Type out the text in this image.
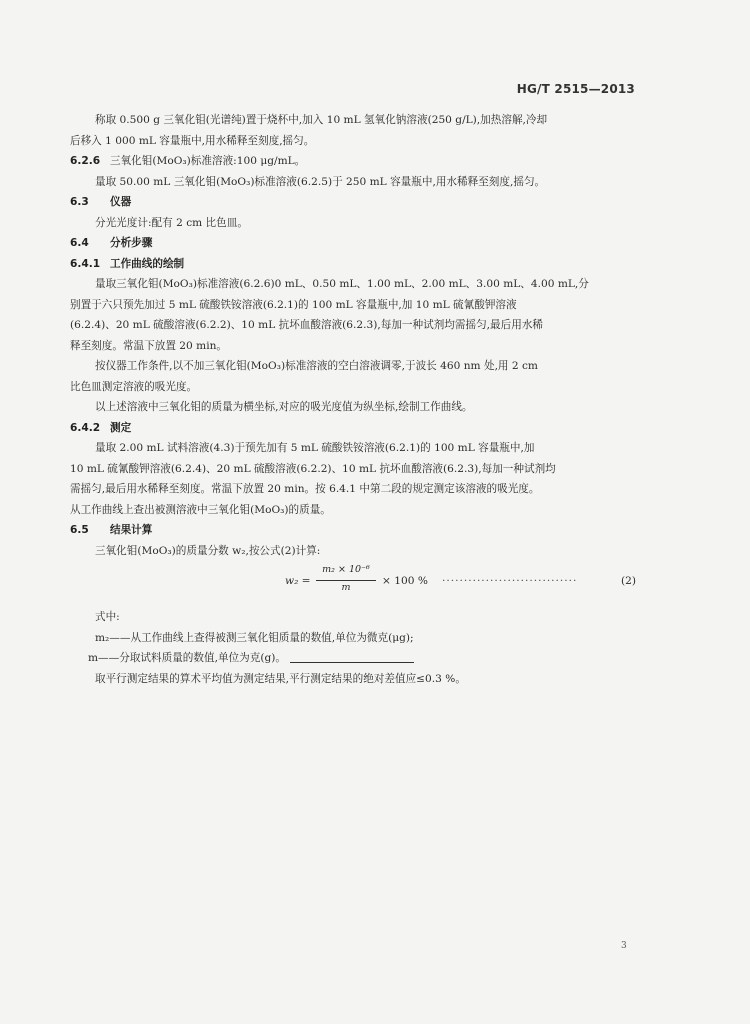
HG/T 2515—2013
称取 0.500 g 三氧化钼(光谱纯)置于烧杯中,加入 10 mL 氢氧化钠溶液(250 g/L),加热溶解,冷却
后移入 1 000 mL 容量瓶中,用水稀释至刻度,摇匀。
6.2.6 三氧化钼(MoO₃)标准溶液:100 μg/mL。
量取 50.00 mL 三氧化钼(MoO₃)标准溶液(6.2.5)于 250 mL 容量瓶中,用水稀释至刻度,摇匀。
6.3 仪器
分光光度计:配有 2 cm 比色皿。
6.4 分析步骤
6.4.1 工作曲线的绘制
量取三氧化钼(MoO₃)标准溶液(6.2.6)0 mL、0.50 mL、1.00 mL、2.00 mL、3.00 mL、4.00 mL,分
别置于六只预先加过 5 mL 硫酸铁铵溶液(6.2.1)的 100 mL 容量瓶中,加 10 mL 硫氰酸钾溶液
(6.2.4)、20 mL 硫酸溶液(6.2.2)、10 mL 抗坏血酸溶液(6.2.3),每加一种试剂均需摇匀,最后用水稀
释至刻度。常温下放置 20 min。
按仪器工作条件,以不加三氧化钼(MoO₃)标准溶液的空白溶液调零,于波长 460 nm 处,用 2 cm
比色皿测定溶液的吸光度。
以上述溶液中三氧化钼的质量为横坐标,对应的吸光度值为纵坐标,绘制工作曲线。
6.4.2 测定
量取 2.00 mL 试料溶液(4.3)于预先加有 5 mL 硫酸铁铵溶液(6.2.1)的 100 mL 容量瓶中,加
10 mL 硫氰酸钾溶液(6.2.4)、20 mL 硫酸溶液(6.2.2)、10 mL 抗坏血酸溶液(6.2.3),每加一种试剂均
需摇匀,最后用水稀释至刻度。常温下放置 20 min。按 6.4.1 中第二段的规定测定该溶液的吸光度。
从工作曲线上查出被测溶液中三氧化钼(MoO₃)的质量。
6.5 结果计算
三氧化钼(MoO₃)的质量分数 w₂,按公式(2)计算:
w₂ =
m₂ × 10⁻⁶
m
× 100 % ·······························	(2)
式中:
m₂——从工作曲线上查得被测三氧化钼质量的数值,单位为微克(μg);
m——分取试料质量的数值,单位为克(g)。
取平行测定结果的算术平均值为测定结果,平行测定结果的绝对差值应≤0.3 %。
3
